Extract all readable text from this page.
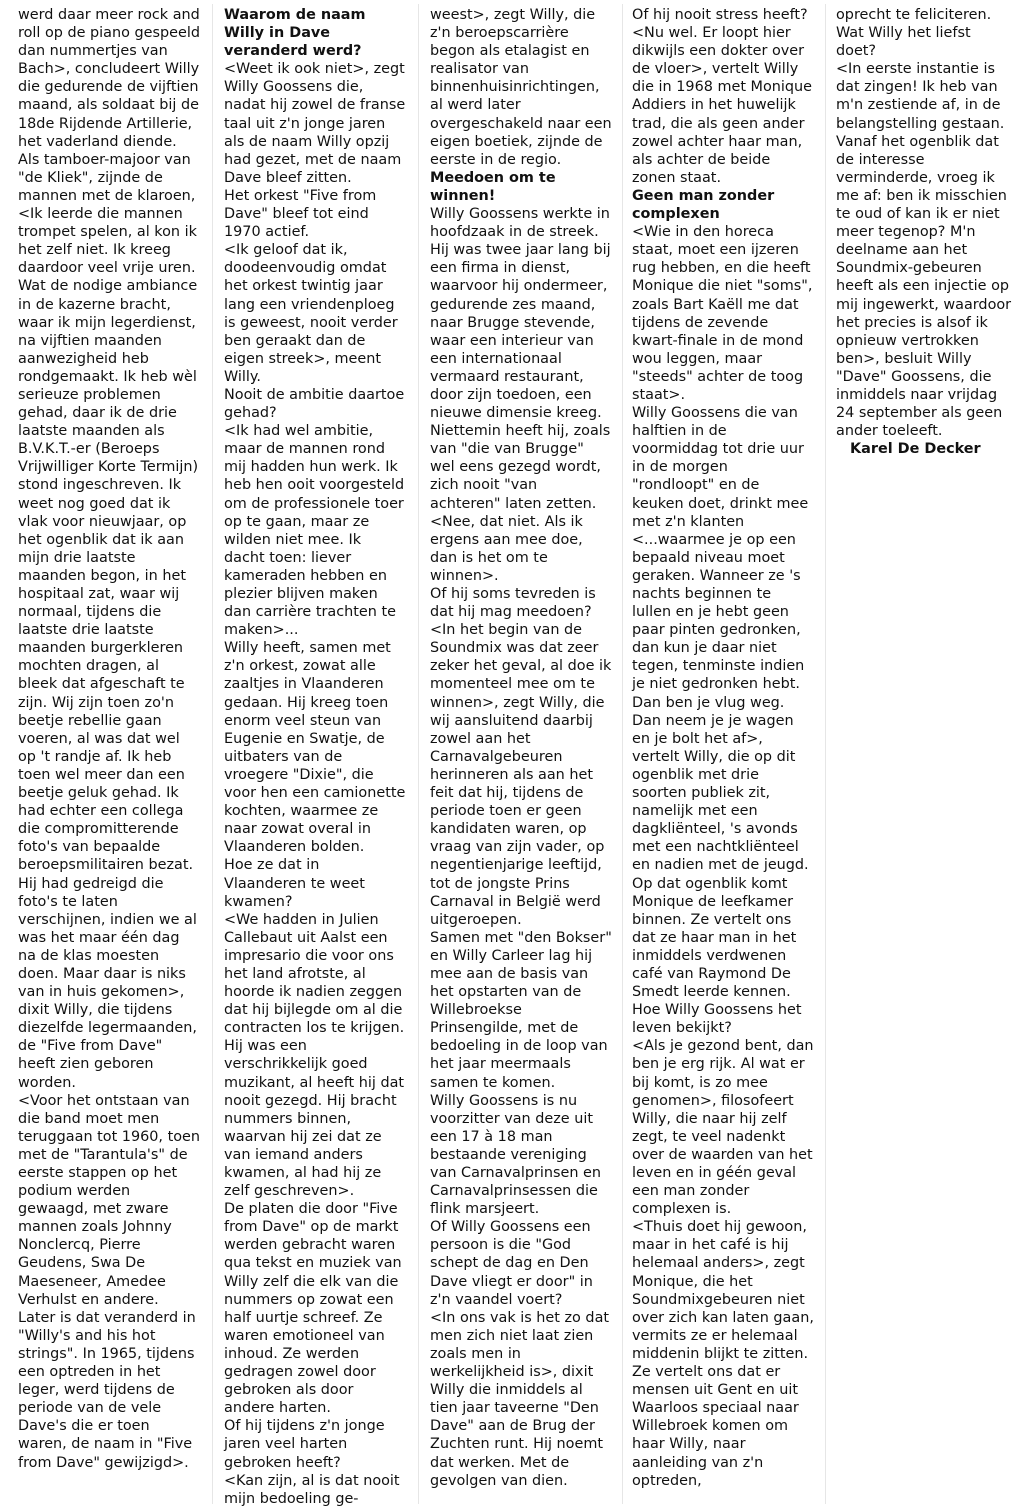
werd daar meer rock and roll op de piano gespeeld dan nummertjes van Bach>, concludeert Willy die gedurende de vijftien maand, als soldaat bij de 18de Rijdende Artillerie, het vaderland diende. Als tamboer-majoor van "de Kliek", zijnde de mannen met de klaroen,

<Ik leerde die mannen trompet spelen, al kon ik het zelf niet. Ik kreeg daardoor veel vrije uren. Wat de nodige ambiance in de kazerne bracht, waar ik mijn legerdienst, na vijftien maanden aanwezigheid heb rondgemaakt. Ik heb wèl serieuze problemen gehad, daar ik de drie laatste maanden als B.V.K.T.-er (Beroeps Vrijwilliger Korte Termijn) stond ingeschreven. Ik weet nog goed dat ik vlak voor nieuwjaar, op het ogenblik dat ik aan mijn drie laatste maanden begon, in het hospitaal zat, waar wij normaal, tijdens die laatste drie laatste maanden burgerkleren mochten dragen, al bleek dat afgeschaft te zijn. Wij zijn toen zo'n beetje rebellie gaan voeren, al was dat wel op 't randje af. Ik heb toen wel meer dan een beetje geluk gehad. Ik had echter een collega die compromitterende foto's van bepaalde beroepsmilitairen bezat. Hij had gedreigd die foto's te laten verschijnen, indien we al was het maar één dag na de klas moesten doen. Maar daar is niks van in huis gekomen>, dixit Willy, die tijdens diezelfde legermaanden, de "Five from Dave" heeft zien geboren worden.

<Voor het ontstaan van die band moet men teruggaan tot 1960, toen met de "Tarantula's" de eerste stappen op het podium werden gewaagd, met zware mannen zoals Johnny Nonclercq, Pierre Geudens, Swa De Maeseneer, Amedee Verhulst en andere. Later is dat veranderd in "Willy's and his hot strings". In 1965, tijdens een optreden in het leger, werd tijdens de periode van de vele Dave's die er toen waren, de naam in "Five from Dave" gewijzigd>.

Waarom de naam Willy in Dave veranderd werd?

<Weet ik ook niet>, zegt Willy Goossens die, nadat hij zowel de franse taal uit z'n jonge jaren als de naam Willy opzij had gezet, met de naam Dave bleef zitten.

Het orkest "Five from Dave" bleef tot eind 1970 actief.

<Ik geloof dat ik, doodeenvoudig omdat het orkest twintig jaar lang een vriendenploeg is geweest, nooit verder ben geraakt dan de eigen streek>, meent Willy.

Nooit de ambitie daartoe gehad?

<Ik had wel ambitie, maar de mannen rond mij hadden hun werk. Ik heb hen ooit voorgesteld om de professionele toer op te gaan, maar ze wilden niet mee. Ik dacht toen: liever kameraden hebben en plezier blijven maken dan carrière trachten te maken>...

Willy heeft, samen met z'n orkest, zowat alle zaaltjes in Vlaanderen gedaan. Hij kreeg toen enorm veel steun van Eugenie en Swatje, de uitbaters van de vroegere "Dixie", die voor hen een camionette kochten, waarmee ze naar zowat overal in Vlaanderen bolden.

Hoe ze dat in Vlaanderen te weet kwamen?

<We hadden in Julien Callebaut uit Aalst een impresario die voor ons het land afrotste, al hoorde ik nadien zeggen dat hij bijlegde om al die contracten los te krijgen. Hij was een verschrikkelijk goed muzikant, al heeft hij dat nooit gezegd. Hij bracht nummers binnen, waarvan hij zei dat ze van iemand anders kwamen, al had hij ze zelf geschreven>.

De platen die door "Five from Dave" op de markt werden gebracht waren qua tekst en muziek van Willy zelf die elk van die nummers op zowat een half uurtje schreef. Ze waren emotioneel van inhoud. Ze werden gedragen zowel door gebroken als door andere harten.

Of hij tijdens z'n jonge jaren veel harten gebroken heeft?

<Kan zijn, al is dat nooit mijn bedoeling ge-

weest>, zegt Willy, die z'n beroepscarrière begon als etalagist en realisator van binnenhuisinrichtingen, al werd later overgeschakeld naar een eigen boetiek, zijnde de eerste in de regio.

Meedoen om te winnen!

Willy Goossens werkte in hoofdzaak in de streek. Hij was twee jaar lang bij een firma in dienst, waarvoor hij ondermeer, gedurende zes maand, naar Brugge stevende, waar een interieur van een internationaal vermaard restaurant, door zijn toedoen, een nieuwe dimensie kreeg.

Niettemin heeft hij, zoals van "die van Brugge" wel eens gezegd wordt, zich nooit "van achteren" laten zetten.

<Nee, dat niet. Als ik ergens aan mee doe, dan is het om te winnen>.

Of hij soms tevreden is dat hij mag meedoen?

<In het begin van de Soundmix was dat zeer zeker het geval, al doe ik momenteel mee om te winnen>, zegt Willy, die wij aansluitend daarbij zowel aan het Carnavalgebeuren herinneren als aan het feit dat hij, tijdens de periode toen er geen kandidaten waren, op vraag van zijn vader, op negentienjarige leeftijd, tot de jongste Prins Carnaval in België werd uitgeroepen.

Samen met "den Bokser" en Willy Carleer lag hij mee aan de basis van het opstarten van de Willebroekse Prinsengilde, met de bedoeling in de loop van het jaar meermaals samen te komen.

Willy Goossens is nu voorzitter van deze uit een 17 à 18 man bestaande vereniging van Carnavalprinsen en Carnavalprinsessen die flink marsjeert.

Of Willy Goossens een persoon is die "God schept de dag en Den Dave vliegt er door" in z'n vaandel voert?

<In ons vak is het zo dat men zich niet laat zien zoals men in werkelijkheid is>, dixit Willy die inmiddels al tien jaar taveerne "Den Dave" aan de Brug der Zuchten runt. Hij noemt dat werken. Met de gevolgen van dien.

Of hij nooit stress heeft?

<Nu wel. Er loopt hier dikwijls een dokter over de vloer>, vertelt Willy die in 1968 met Monique Addiers in het huwelijk trad, die als geen ander zowel achter haar man, als achter de beide zonen staat.

Geen man zonder complexen

<Wie in den horeca staat, moet een ijzeren rug hebben, en die heeft Monique die niet "soms", zoals Bart Kaëll me dat tijdens de zevende kwart-finale in de mond wou leggen, maar "steeds" achter de toog staat>.

Willy Goossens die van halftien in de voormiddag tot drie uur in de morgen "rondloopt" en de keuken doet, drinkt mee met z'n klanten

<...waarmee je op een bepaald niveau moet geraken. Wanneer ze 's nachts beginnen te lullen en je hebt geen paar pinten gedronken, dan kun je daar niet tegen, tenminste indien je niet gedronken hebt. Dan ben je vlug weg. Dan neem je je wagen en je bolt het af>, vertelt Willy, die op dit ogenblik met drie soorten publiek zit, namelijk met een dagkliënteel, 's avonds met een nachtkliënteel en nadien met de jeugd.

Op dat ogenblik komt Monique de leefkamer binnen. Ze vertelt ons dat ze haar man in het inmiddels verdwenen café van Raymond De Smedt leerde kennen.

Hoe Willy Goossens het leven bekijkt?

<Als je gezond bent, dan ben je erg rijk. Al wat er bij komt, is zo mee genomen>, filosofeert Willy, die naar hij zelf zegt, te veel nadenkt over de waarden van het leven en in géén geval een man zonder complexen is.

<Thuis doet hij gewoon, maar in het café is hij helemaal anders>, zegt Monique, die het Soundmixgebeuren niet over zich kan laten gaan, vermits ze er helemaal middenin blijkt te zitten.

Ze vertelt ons dat er mensen uit Gent en uit Waarloos speciaal naar Willebroek komen om haar Willy, naar aanleiding van z'n optreden,

oprecht te feliciteren.

Wat Willy het liefst doet?

<In eerste instantie is dat zingen! Ik heb van m'n zestiende af, in de belangstelling gestaan. Vanaf het ogenblik dat de interesse verminderde, vroeg ik me af: ben ik misschien te oud of kan ik er niet meer tegenop? M'n deelname aan het Soundmix-gebeuren heeft als een injectie op mij ingewerkt, waardoor het precies is alsof ik opnieuw vertrokken ben>, besluit Willy "Dave" Goossens, die inmiddels naar vrijdag 24 september als geen ander toeleeft.

Karel De Decker
